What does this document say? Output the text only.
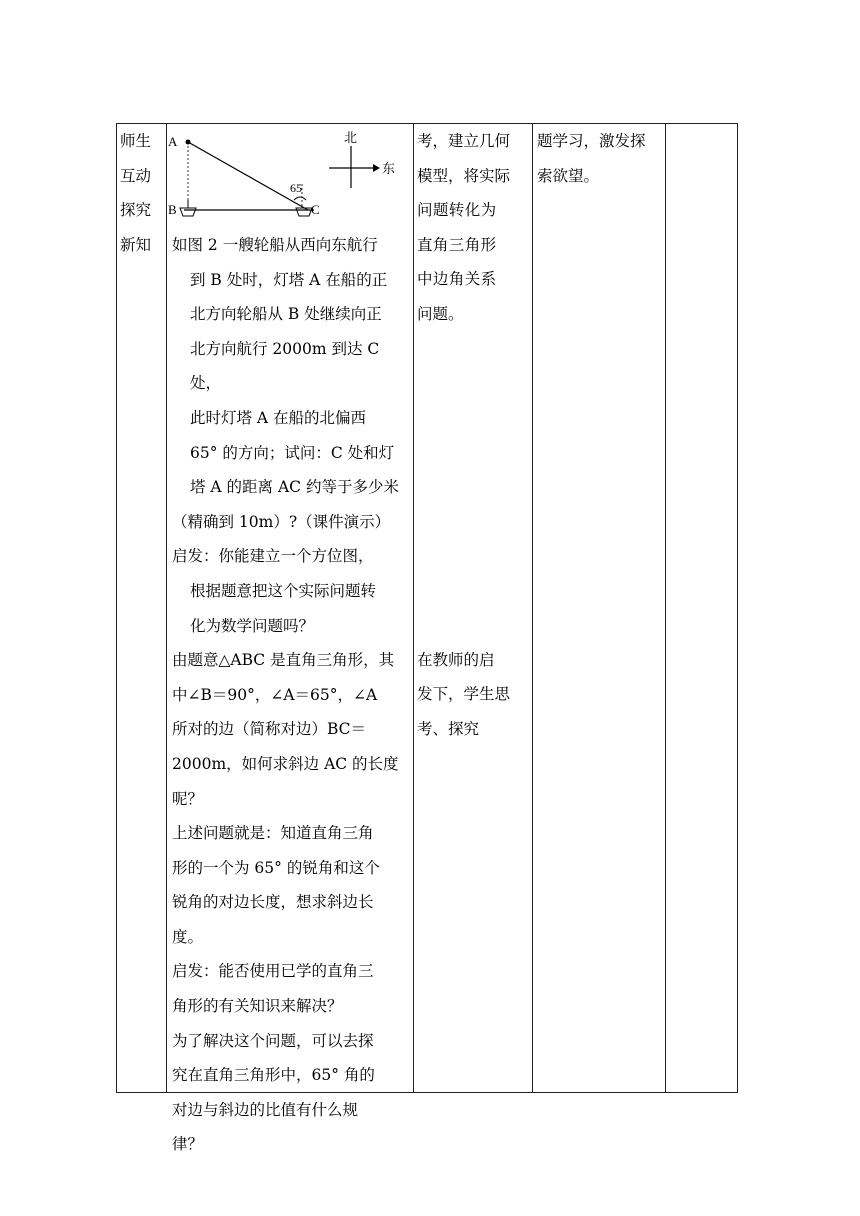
师生
互动
探究
新知
A
B	C
65
北
东

如图 2 一艘轮船从西向东航行

到 B 处时，灯塔 A 在船的正

北方向轮船从 B 处继续向正

北方向航行 2000m 到达 C 处，

此时灯塔 A 在船的北偏西

65° 的方向；试问：C 处和灯

塔 A 的距离 AC 约等于多少米

（精确到 10m）?（课件演示）

启发：你能建立一个方位图，

根据题意把这个实际问题转

化为数学问题吗？

由题意△ABC 是直角三角形，其

中∠B＝90°，∠A＝65°，∠A

所对的边（简称对边）BC＝

2000m，如何求斜边 AC 的长度

呢？

上述问题就是：知道直角三角

形的一个为 65° 的锐角和这个

锐角的对边长度，想求斜边长

度。

启发：能否使用已学的直角三

角形的有关知识来解决？

为了解决这个问题，可以去探

究在直角三角形中，65° 角的

对边与斜边的比值有什么规

律？

考，建立几何

模型，将实际

问题转化为

直角三角形

中边角关系

问题。

在教师的启

发下，学生思

考、探究

题学习，激发探

索欲望。
